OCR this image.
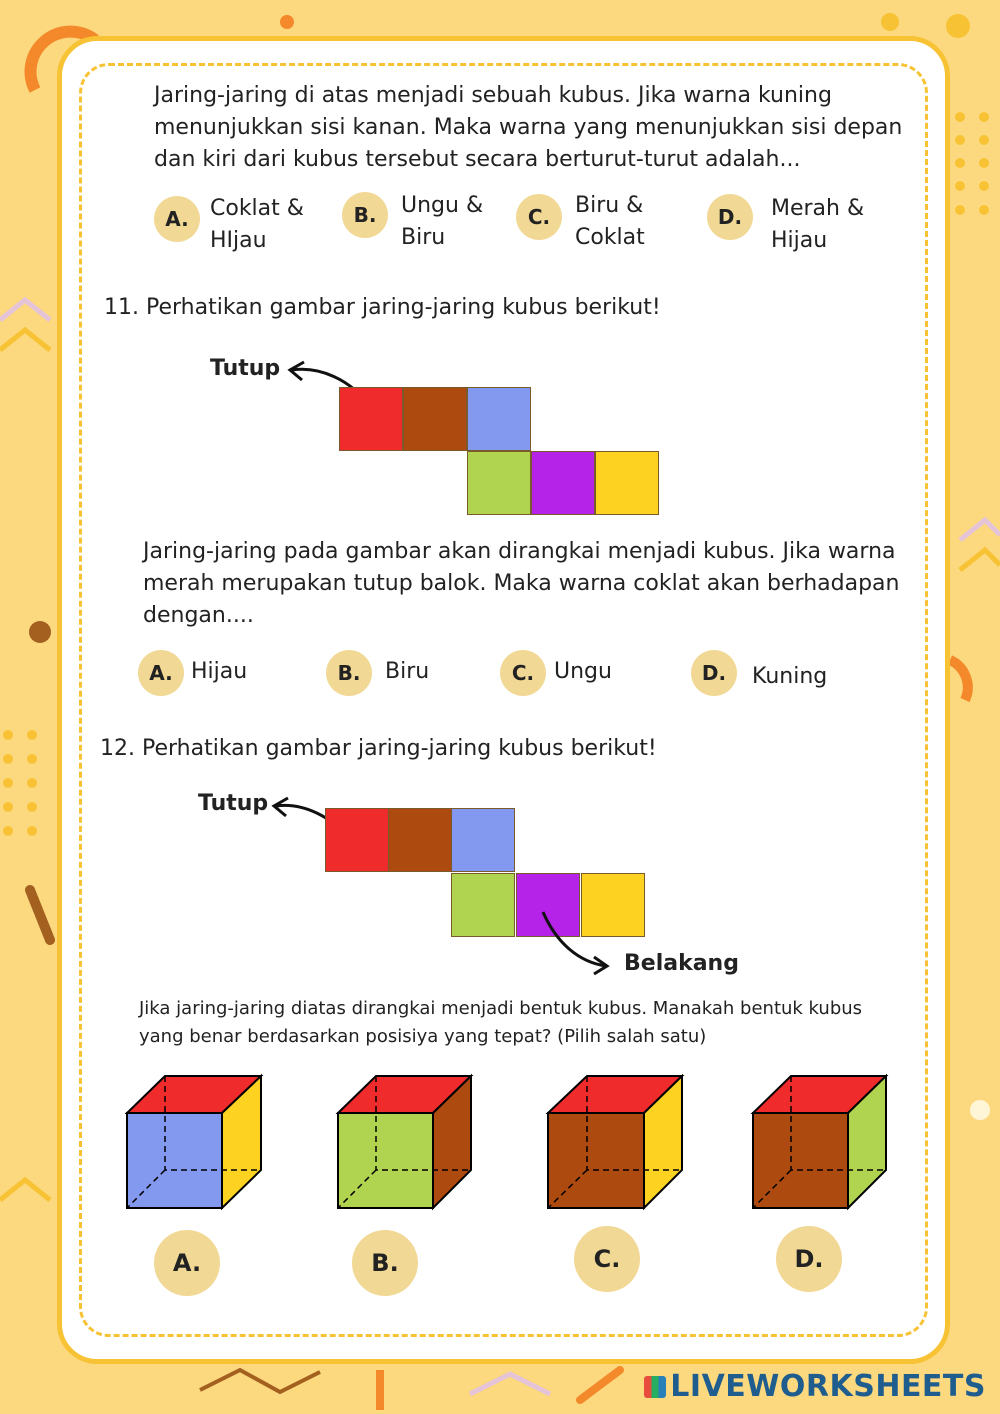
Jaring-jaring di atas menjadi sebuah kubus. Jika warna kuning menunjukkan sisi kanan. Maka warna yang menunjukkan sisi depan dan kiri dari kubus tersebut secara berturut-turut adalah...
A. Coklat &
HIjau
B.	Ungu &
Biru
C.	Biru &
Coklat
D.	Merah &
Hijau
11. Perhatikan gambar jaring-jaring kubus berikut!
Tutup
Jaring-jaring pada gambar akan dirangkai menjadi kubus. Jika warna merah merupakan tutup balok. Maka warna coklat akan berhadapan dengan....
A. Hijau	B.	Biru	C. Ungu	D.	Kuning
12. Perhatikan gambar jaring-jaring kubus berikut!
Tutup
Belakang
Jika jaring-jaring diatas dirangkai menjadi bentuk kubus. Manakah bentuk kubus yang benar berdasarkan posisiya yang tepat? (Pilih salah satu)
A.	B.	C.	D.
LIVEWORKSHEETS
